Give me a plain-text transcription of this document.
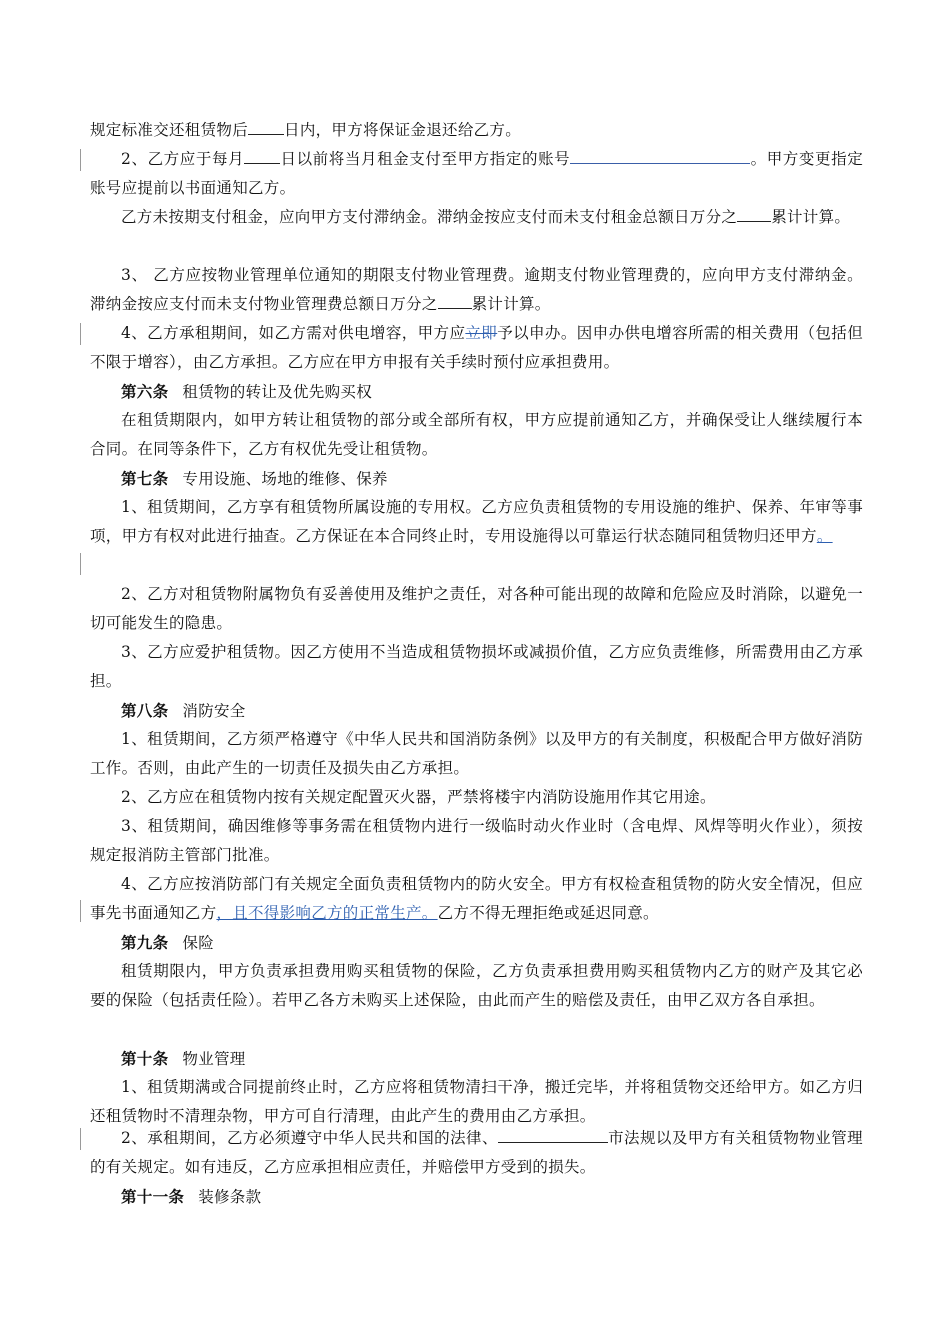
规定标准交还租赁物后 日内，甲方将保证金退还给乙方。

2、乙方应于每月 日以前将当月租金支付至甲方指定的账号	。甲方变更指定账号应提前以书面通知乙方。

乙方未按期支付租金，应向甲方支付滞纳金。滞纳金按应支付而未支付租金总额日万分之 累计计算。

3、 乙方应按物业管理单位通知的期限支付物业管理费。逾期支付物业管理费的，应向甲方支付滞纳金。滞纳金按应支付而未支付物业管理费总额日万分之 累计计算。

4、乙方承租期间，如乙方需对供电增容，甲方应立即予以申办。因申办供电增容所需的相关费用（包括但不限于增容），由乙方承担。乙方应在甲方申报有关手续时预付应承担费用。

第六条 租赁物的转让及优先购买权

在租赁期限内，如甲方转让租赁物的部分或全部所有权，甲方应提前通知乙方，并确保受让人继续履行本合同。在同等条件下，乙方有权优先受让租赁物。

第七条 专用设施、场地的维修、保养

1、租赁期间，乙方享有租赁物所属设施的专用权。乙方应负责租赁物的专用设施的维护、保养、年审等事项，甲方有权对此进行抽查。乙方保证在本合同终止时，专用设施得以可靠运行状态随同租赁物归还甲方。

2、乙方对租赁物附属物负有妥善使用及维护之责任，对各种可能出现的故障和危险应及时消除，以避免一切可能发生的隐患。

3、乙方应爱护租赁物。因乙方使用不当造成租赁物损坏或减损价值，乙方应负责维修，所需费用由乙方承担。

第八条 消防安全

1、租赁期间，乙方须严格遵守《中华人民共和国消防条例》以及甲方的有关制度，积极配合甲方做好消防工作。否则，由此产生的一切责任及损失由乙方承担。

2、乙方应在租赁物内按有关规定配置灭火器，严禁将楼宇内消防设施用作其它用途。

3、租赁期间，确因维修等事务需在租赁物内进行一级临时动火作业时（含电焊、风焊等明火作业），须按规定报消防主管部门批准。

4、乙方应按消防部门有关规定全面负责租赁物内的防火安全。甲方有权检查租赁物的防火安全情况，但应事先书面通知乙方，且不得影响乙方的正常生产。乙方不得无理拒绝或延迟同意。

第九条 保险

租赁期限内，甲方负责承担费用购买租赁物的保险，乙方负责承担费用购买租赁物内乙方的财产及其它必要的保险（包括责任险）。若甲乙各方未购买上述保险，由此而产生的赔偿及责任，由甲乙双方各自承担。

第十条 物业管理

1、租赁期满或合同提前终止时，乙方应将租赁物清扫干净，搬迁完毕，并将租赁物交还给甲方。如乙方归还租赁物时不清理杂物，甲方可自行清理，由此产生的费用由乙方承担。

2、承租期间，乙方必须遵守中华人民共和国的法律、	市法规以及甲方有关租赁物物业管理的有关规定。如有违反，乙方应承担相应责任，并赔偿甲方受到的损失。

第十一条 装修条款
